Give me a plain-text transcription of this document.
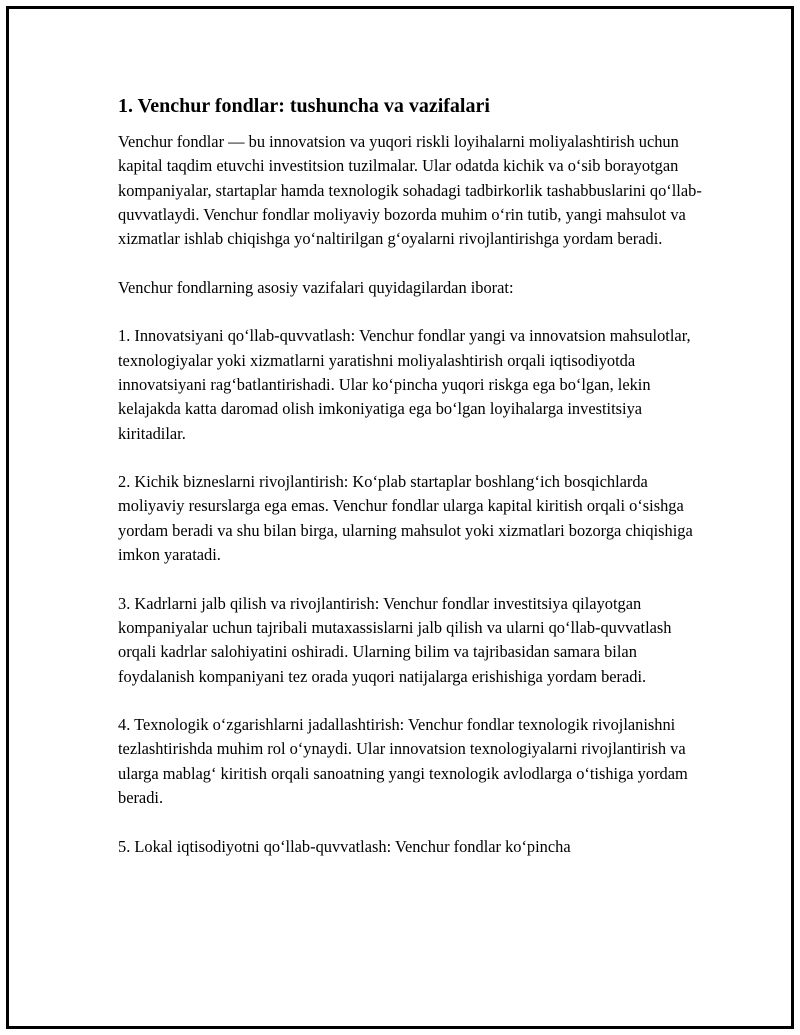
1. Venchur fondlar: tushuncha va vazifalari

Venchur fondlar — bu innovatsion va yuqori riskli loyihalarni moliyalashtirish uchun kapital taqdim etuvchi investitsion tuzilmalar. Ular odatda kichik va o‘sib borayotgan kompaniyalar, startaplar hamda texnologik sohadagi tadbirkorlik tashabbuslarini qo‘llab-quvvatlaydi. Venchur fondlar moliyaviy bozorda muhim o‘rin tutib, yangi mahsulot va xizmatlar ishlab chiqishga yo‘naltirilgan g‘oyalarni rivojlantirishga yordam beradi.

Venchur fondlarning asosiy vazifalari quyidagilardan iborat:

1. Innovatsiyani qo‘llab-quvvatlash: Venchur fondlar yangi va innovatsion mahsulotlar, texnologiyalar yoki xizmatlarni yaratishni moliyalashtirish orqali iqtisodiyotda innovatsiyani rag‘batlantirishadi. Ular ko‘pincha yuqori riskga ega bo‘lgan, lekin kelajakda katta daromad olish imkoniyatiga ega bo‘lgan loyihalarga investitsiya kiritadilar.

2. Kichik bizneslarni rivojlantirish: Ko‘plab startaplar boshlang‘ich bosqichlarda moliyaviy resurslarga ega emas. Venchur fondlar ularga kapital kiritish orqali o‘sishga yordam beradi va shu bilan birga, ularning mahsulot yoki xizmatlari bozorga chiqishiga imkon yaratadi.

3. Kadrlarni jalb qilish va rivojlantirish: Venchur fondlar investitsiya qilayotgan kompaniyalar uchun tajribali mutaxassislarni jalb qilish va ularni qo‘llab-quvvatlash orqali kadrlar salohiyatini oshiradi. Ularning bilim va tajribasidan samara bilan foydalanish kompaniyani tez orada yuqori natijalarga erishishiga yordam beradi.

4. Texnologik o‘zgarishlarni jadallashtirish: Venchur fondlar texnologik rivojlanishni tezlashtirishda muhim rol o‘ynaydi. Ular innovatsion texnologiyalarni rivojlantirish va ularga mablag‘ kiritish orqali sanoatning yangi texnologik avlodlarga o‘tishiga yordam beradi.

5. Lokal iqtisodiyotni qo‘llab-quvvatlash: Venchur fondlar ko‘pincha
